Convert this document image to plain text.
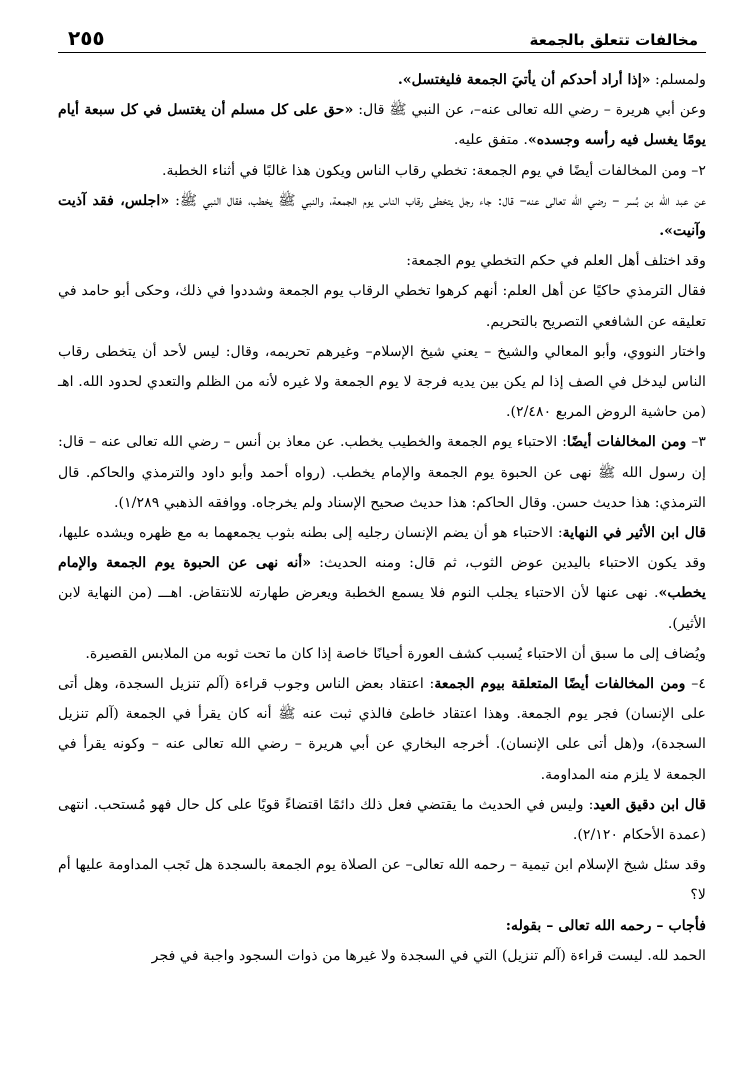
مخالفات تتعلق بالجمعة
٢٥٥

ولمسلم: «إذا أراد أحدكم أن يأتيَ الجمعة فليغتسل».

وعن أبي هريرة – رضي الله تعالى عنه–، عن النبي ﷺ قال: «حق على كل مسلم أن يغتسل في كل سبعة أيام يومًا يغسل فيه رأسه وجسده». متفق عليه.

٢– ومن المخالفات أيضًا في يوم الجمعة: تخطي رقاب الناس ويكون هذا غالبًا في أثناء الخطبة.

عن عبد الله بن بُسر – رضي الله تعالى عنه– قال: جاء رجل يتخطى رقاب الناس يوم الجمعة، والنبي ﷺ يخطب، فقال النبي ﷺ: «اجلس، فقد آذيت وآنيت».

وقد اختلف أهل العلم في حكم التخطي يوم الجمعة:

فقال الترمذي حاكيًا عن أهل العلم: أنهم كرهوا تخطي الرقاب يوم الجمعة وشددوا في ذلك، وحكى أبو حامد في تعليقه عن الشافعي التصريح بالتحريم.

واختار النووي، وأبو المعالي والشيخ – يعني شيخ الإسلام– وغيرهم تحريمه، وقال: ليس لأحد أن يتخطى رقاب الناس ليدخل في الصف إذا لم يكن بين يديه فرجة لا يوم الجمعة ولا غيره لأنه من الظلم والتعدي لحدود الله. اهـ (من حاشية الروض المربع ٢/٤٨٠).

٣– ومن المخالفات أيضًا: الاحتباء يوم الجمعة والخطيب يخطب. عن معاذ بن أنس – رضي الله تعالى عنه – قال: إن رسول الله ﷺ نهى عن الحبوة يوم الجمعة والإمام يخطب. (رواه أحمد وأبو داود والترمذي والحاكم. قال الترمذي: هذا حديث حسن. وقال الحاكم: هذا حديث صحيح الإسناد ولم يخرجاه. ووافقه الذهبي ١/٢٨٩).

قال ابن الأثير في النهاية: الاحتباء هو أن يضم الإنسان رجليه إلى بطنه بثوب يجمعهما به مع ظهره ويشده عليها، وقد يكون الاحتباء باليدين عوض الثوب، ثم قال: ومنه الحديث: «أنه نهى عن الحبوة يوم الجمعة والإمام يخطب». نهى عنها لأن الاحتباء يجلب النوم فلا يسمع الخطبة ويعرض طهارته للانتقاض. اهـــ (من النهاية لابن الأثير).

ويُضاف إلى ما سبق أن الاحتباء يُسبب كشف العورة أحيانًا خاصة إذا كان ما تحت ثوبه من الملابس القصيرة.

٤– ومن المخالفات أيضًا المتعلقة بيوم الجمعة: اعتقاد بعض الناس وجوب قراءة (آلم تنزيل السجدة، وهل أتى على الإنسان) فجر يوم الجمعة. وهذا اعتقاد خاطئ فالذي ثبت عنه ﷺ أنه كان يقرأ في الجمعة (آلم تنزيل السجدة)، و(هل أتى على الإنسان). أخرجه البخاري عن أبي هريرة – رضي الله تعالى عنه – وكونه يقرأ في الجمعة لا يلزم منه المداومة.

قال ابن دقيق العيد: وليس في الحديث ما يقتضي فعل ذلك دائمًا اقتضاءً قويًا على كل حال فهو مُستحب. انتهى (عمدة الأحكام ٢/١٢٠).

وقد سئل شيخ الإسلام ابن تيمية – رحمه الله تعالى– عن الصلاة يوم الجمعة بالسجدة هل تَجب المداومة عليها أم لا؟

فأجاب – رحمه الله تعالى – بقوله:

الحمد لله. ليست قراءة (آلم تنزيل) التي في السجدة ولا غيرها من ذوات السجود واجبة في فجر
